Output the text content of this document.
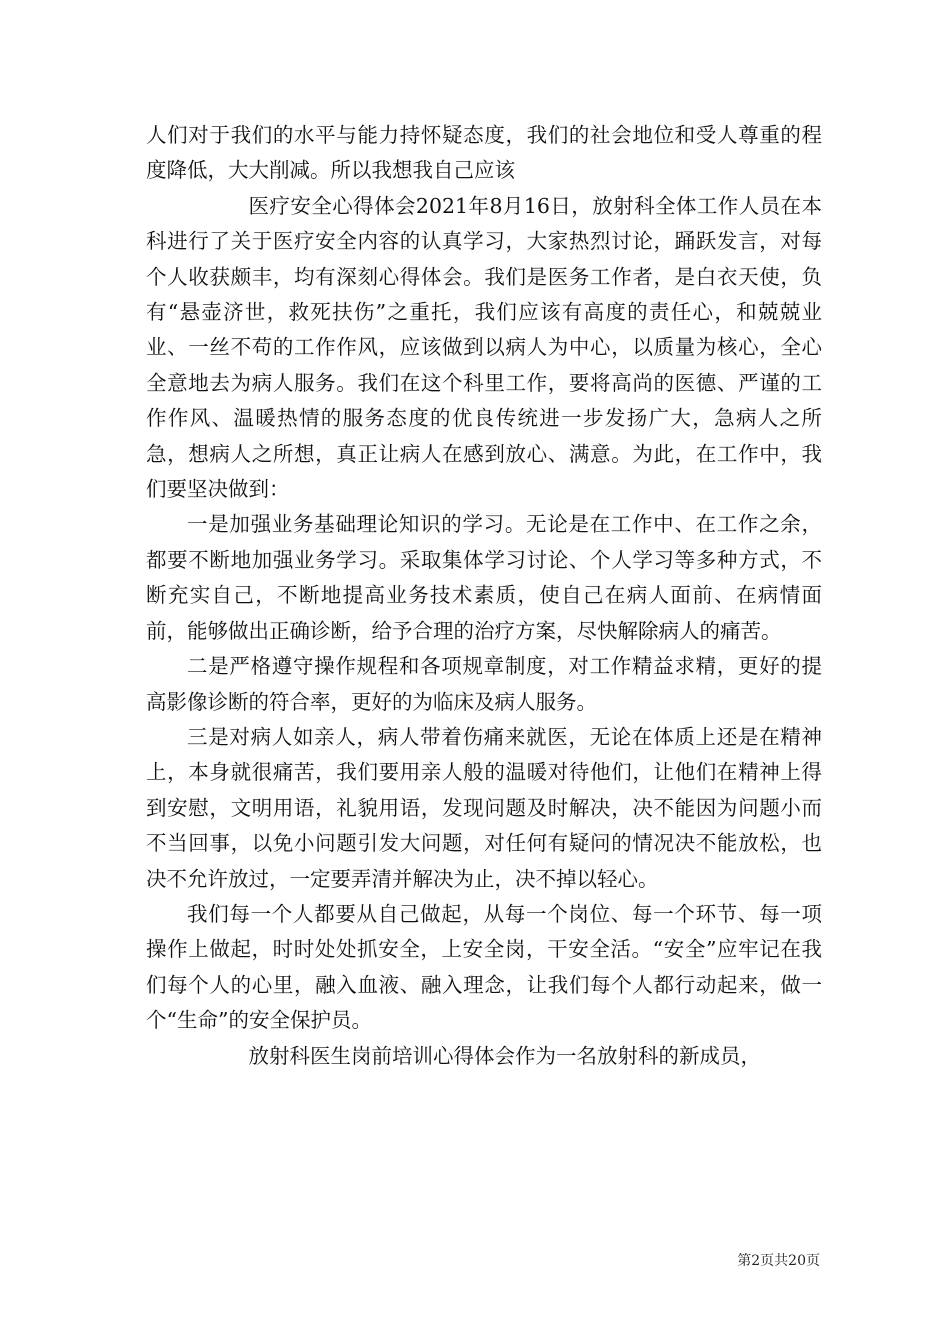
人们对于我们的水平与能力持怀疑态度，我们的社会地位和受人尊重的程度降低，大大削减。所以我想我自己应该

医疗安全心得体会2021年8月16日，放射科全体工作人员在本科进行了关于医疗安全内容的认真学习，大家热烈讨论，踊跃发言，对每个人收获颇丰，均有深刻心得体会。我们是医务工作者，是白衣天使，负有“悬壶济世，救死扶伤”之重托，我们应该有高度的责任心，和兢兢业业、一丝不苟的工作作风，应该做到以病人为中心，以质量为核心，全心全意地去为病人服务。我们在这个科里工作，要将高尚的医德、严谨的工作作风、温暖热情的服务态度的优良传统进一步发扬广大，急病人之所急，想病人之所想，真正让病人在感到放心、满意。为此，在工作中，我们要坚决做到：

一是加强业务基础理论知识的学习。无论是在工作中、在工作之余，都要不断地加强业务学习。采取集体学习讨论、个人学习等多种方式，不断充实自己，不断地提高业务技术素质，使自己在病人面前、在病情面前，能够做出正确诊断，给予合理的治疗方案，尽快解除病人的痛苦。

二是严格遵守操作规程和各项规章制度，对工作精益求精，更好的提高影像诊断的符合率，更好的为临床及病人服务。

三是对病人如亲人，病人带着伤痛来就医，无论在体质上还是在精神上，本身就很痛苦，我们要用亲人般的温暖对待他们，让他们在精神上得到安慰，文明用语，礼貌用语，发现问题及时解决，决不能因为问题小而不当回事，以免小问题引发大问题，对任何有疑问的情况决不能放松，也决不允许放过，一定要弄清并解决为止，决不掉以轻心。

我们每一个人都要从自己做起，从每一个岗位、每一个环节、每一项操作上做起，时时处处抓安全，上安全岗，干安全活。“安全”应牢记在我们每个人的心里，融入血液、融入理念，让我们每个人都行动起来，做一个“生命”的安全保护员。

放射科医生岗前培训心得体会作为一名放射科的新成员，

第2页共20页
